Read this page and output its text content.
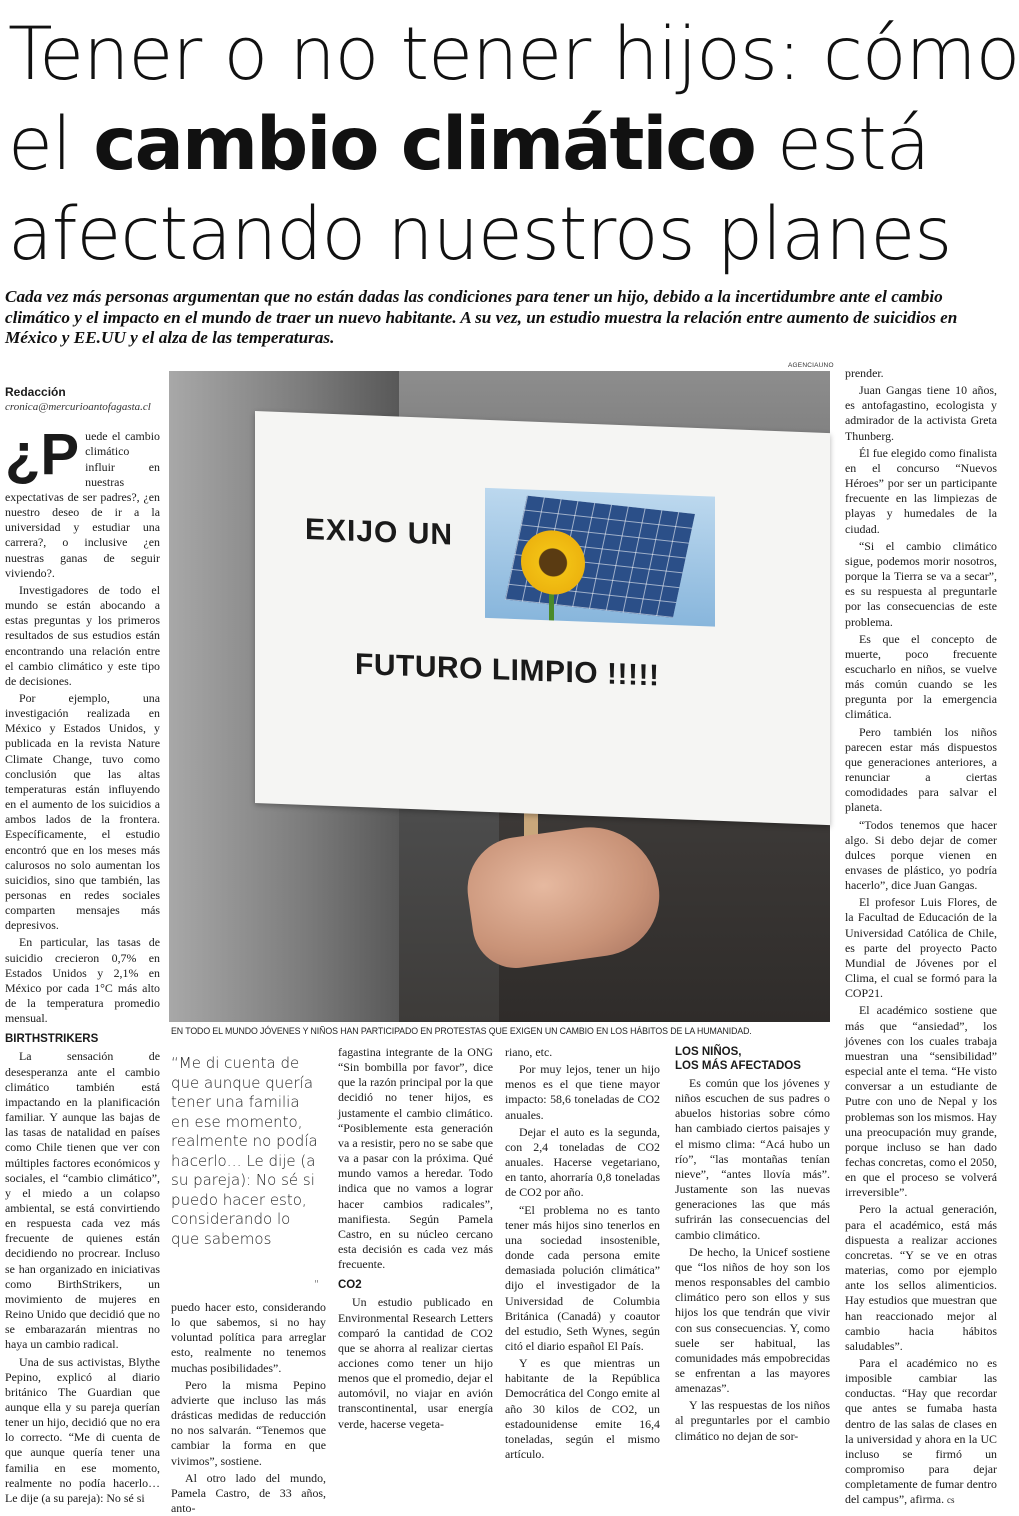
Tener o no tener hijos: cómo
el cambio climático está
afectando nuestros planes

Cada vez más personas argumentan que no están dadas las condiciones para tener un hijo, debido a la incertidumbre ante el cambio climático y el impacto en el mundo de traer un nuevo habitante. A su vez, un estudio muestra la relación entre aumento de suicidios en México y EE.UU y el alza de las temperaturas.

Redacción
cronica@mercurioantofagasta.cl
¿P uede el cambio climático influir en nuestras expectativas de ser padres?, ¿en nuestro deseo de ir a la universidad y estudiar una carrera?, o inclusive ¿en nuestras ganas de seguir viviendo?.

Investigadores de todo el mundo se están abocando a estas preguntas y los primeros resultados de sus estudios están encontrando una relación entre el cambio climático y este tipo de decisiones.

Por ejemplo, una investigación realizada en México y Estados Unidos, y publicada en la revista Nature Climate Change, tuvo como conclusión que las altas temperaturas están influyendo en el aumento de los suicidios a ambos lados de la frontera. Específicamente, el estudio encontró que en los meses más calurosos no solo aumentan los suicidios, sino que también, las personas en redes sociales comparten mensajes más depresivos.

En particular, las tasas de suicidio crecieron 0,7% en Estados Unidos y 2,1% en México por cada 1°C más alto de la temperatura promedio mensual.

BIRTHSTRIKERS

La sensación de desesperanza ante el cambio climático también está impactando en la planificación familiar. Y aunque las bajas de las tasas de natalidad en países como Chile tienen que ver con múltiples factores económicos y sociales, el “cambio climático”, y el miedo a un colapso ambiental, se está convirtiendo en respuesta cada vez más frecuente de quienes están decidiendo no procrear. Incluso se han organizado en iniciativas como BirthStrikers, un movimiento de mujeres en Reino Unido que decidió que no se embarazarán mientras no haya un cambio radical.

Una de sus activistas, Blythe Pepino, explicó al diario británico The Guardian que aunque ella y su pareja querían tener un hijo, decidió que no era lo correcto. “Me di cuenta de que aunque quería tener una familia en ese momento, realmente no podía hacerlo… Le dije (a su pareja): No sé si

AGENCIAUNO
EXIJO UN
FUTURO LIMPIO !!!!!
EN TODO EL MUNDO JÓVENES Y NIÑOS HAN PARTICIPADO EN PROTESTAS QUE EXIGEN UN CAMBIO EN LOS HÁBITOS DE LA HUMANIDAD.
“Me di cuenta de que aunque quería tener una familia en ese momento, realmente no podía hacerlo… Le dije (a su pareja): No sé si puedo hacer esto, considerando lo que sabemos
"

puedo hacer esto, considerando lo que sabemos, si no hay voluntad política para arreglar esto, realmente no tenemos muchas posibilidades”.

Pero la misma Pepino advierte que incluso las más drásticas medidas de reducción no nos salvarán. “Tenemos que cambiar la forma en que vivimos”, sostiene.

Al otro lado del mundo, Pamela Castro, de 33 años, anto-

fagastina integrante de la ONG “Sin bombilla por favor”, dice que la razón principal por la que decidió no tener hijos, es justamente el cambio climático. “Posiblemente esta generación va a resistir, pero no se sabe que va a pasar con la próxima. Qué mundo vamos a heredar. Todo indica que no vamos a lograr hacer cambios radicales”, manifiesta. Según Pamela Castro, en su núcleo cercano esta decisión es cada vez más frecuente.

CO2

Un estudio publicado en Environmental Research Letters comparó la cantidad de CO2 que se ahorra al realizar ciertas acciones como tener un hijo menos que el promedio, dejar el automóvil, no viajar en avión transcontinental, usar energía verde, hacerse vegeta-

riano, etc.

Por muy lejos, tener un hijo menos es el que tiene mayor impacto: 58,6 toneladas de CO2 anuales.

Dejar el auto es la segunda, con 2,4 toneladas de CO2 anuales. Hacerse vegetariano, en tanto, ahorraría 0,8 toneladas de CO2 por año.

“El problema no es tanto tener más hijos sino tenerlos en una sociedad insostenible, donde cada persona emite demasiada polución climática” dijo el investigador de la Universidad de Columbia Británica (Canadá) y coautor del estudio, Seth Wynes, según citó el diario español El País.

Y es que mientras un habitante de la República Democrática del Congo emite al año 30 kilos de CO2, un estadounidense emite 16,4 toneladas, según el mismo artículo.

LOS NIÑOS,
LOS MÁS AFECTADOS

Es común que los jóvenes y niños escuchen de sus padres o abuelos historias sobre cómo han cambiado ciertos paisajes y el mismo clima: “Acá hubo un río”, “las montañas tenían nieve”, “antes llovía más”. Justamente son las nuevas generaciones las que más sufrirán las consecuencias del cambio climático.

De hecho, la Unicef sostiene que “los niños de hoy son los menos responsables del cambio climático pero son ellos y sus hijos los que tendrán que vivir con sus consecuencias. Y, como suele ser habitual, las comunidades más empobrecidas se enfrentan a las mayores amenazas”.

Y las respuestas de los niños al preguntarles por el cambio climático no dejan de sor-

prender.

Juan Gangas tiene 10 años, es antofagastino, ecologista y admirador de la activista Greta Thunberg.

Él fue elegido como finalista en el concurso “Nuevos Héroes” por ser un participante frecuente en las limpiezas de playas y humedales de la ciudad.

“Si el cambio climático sigue, podemos morir nosotros, porque la Tierra se va a secar”, es su respuesta al preguntarle por las consecuencias de este problema.

Es que el concepto de muerte, poco frecuente escucharlo en niños, se vuelve más común cuando se les pregunta por la emergencia climática.

Pero también los niños parecen estar más dispuestos que generaciones anteriores, a renunciar a ciertas comodidades para salvar el planeta.

“Todos tenemos que hacer algo. Si debo dejar de comer dulces porque vienen en envases de plástico, yo podría hacerlo”, dice Juan Gangas.

El profesor Luis Flores, de la Facultad de Educación de la Universidad Católica de Chile, es parte del proyecto Pacto Mundial de Jóvenes por el Clima, el cual se formó para la COP21.

El académico sostiene que más que “ansiedad”, los jóvenes con los cuales trabaja muestran una “sensibilidad” especial ante el tema. “He visto conversar a un estudiante de Putre con uno de Nepal y los problemas son los mismos. Hay una preocupación muy grande, porque incluso se han dado fechas concretas, como el 2050, en que el proceso se volverá irreversible”.

Pero la actual generación, para el académico, está más dispuesta a realizar acciones concretas. “Y se ve en otras materias, como por ejemplo ante los sellos alimenticios. Hay estudios que muestran que han reaccionado mejor al cambio hacia hábitos saludables”.

Para el académico no es imposible cambiar las conductas. “Hay que recordar que antes se fumaba hasta dentro de las salas de clases en la universidad y ahora en la UC incluso se firmó un compromiso para dejar completamente de fumar dentro del campus”, afirma. cs
